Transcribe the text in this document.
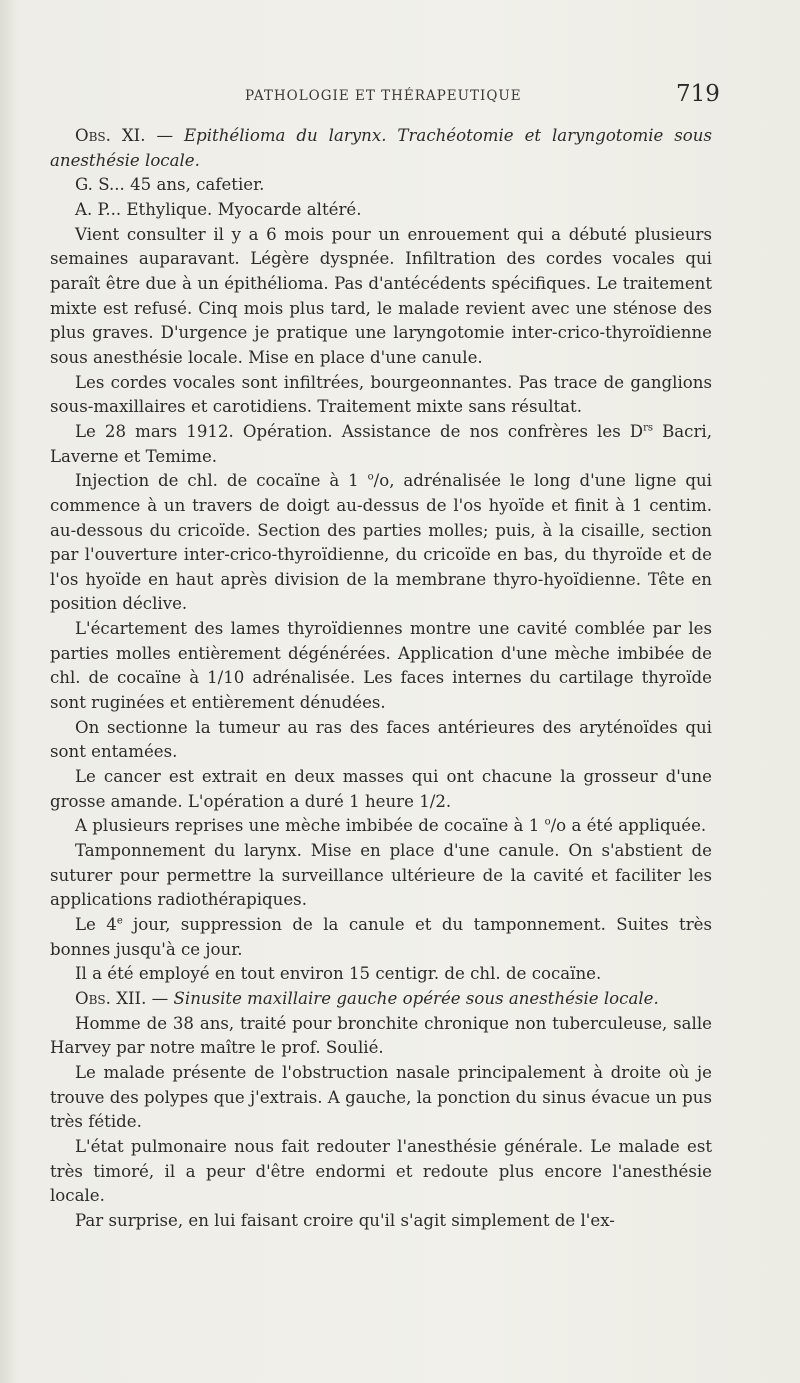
PATHOLOGIE ET THÉRAPEUTIQUE	719

Obs. XI. — Epithélioma du larynx. Trachéotomie et laryngotomie sous anesthésie locale.

G. S... 45 ans, cafetier.

A. P... Ethylique. Myocarde altéré.

Vient consulter il y a 6 mois pour un enrouement qui a débuté plusieurs semaines auparavant. Légère dyspnée. Infiltration des cordes vocales qui paraît être due à un épithélioma. Pas d'antécédents spécifiques. Le traitement mixte est refusé. Cinq mois plus tard, le malade revient avec une sténose des plus graves. D'urgence je pratique une laryngotomie inter-crico-thyroïdienne sous anesthésie locale. Mise en place d'une canule.

Les cordes vocales sont infiltrées, bourgeonnantes. Pas trace de ganglions sous-maxillaires et carotidiens. Traitement mixte sans résultat.

Le 28 mars 1912. Opération. Assistance de nos confrères les $D^{rs}$ Bacri, Laverne et Temime.

Injection de chl. de cocaïne à 1 $^o$/o, adrénalisée le long d'une ligne qui commence à un travers de doigt au-dessus de l'os hyoïde et finit à 1 centim. au-dessous du cricoïde. Section des parties molles; puis, à la cisaille, section par l'ouverture inter-crico-thyroïdienne, du cricoïde en bas, du thyroïde et de l'os hyoïde en haut après division de la membrane thyro-hyoïdienne. Tête en position déclive.

L'écartement des lames thyroïdiennes montre une cavité comblée par les parties molles entièrement dégénérées. Application d'une mèche imbibée de chl. de cocaïne à 1/10 adrénalisée. Les faces internes du cartilage thyroïde sont ruginées et entièrement dénudées.

On sectionne la tumeur au ras des faces antérieures des aryténoïdes qui sont entamées.

Le cancer est extrait en deux masses qui ont chacune la grosseur d'une grosse amande. L'opération a duré 1 heure 1/2.

A plusieurs reprises une mèche imbibée de cocaïne à 1 $^o$/o a été appliquée.

Tamponnement du larynx. Mise en place d'une canule. On s'abstient de suturer pour permettre la surveillance ultérieure de la cavité et faciliter les applications radiothérapiques.

Le 4e jour, suppression de la canule et du tamponnement. Suites très bonnes jusqu'à ce jour.

Il a été employé en tout environ 15 centigr. de chl. de cocaïne.

Obs. XII. — Sinusite maxillaire gauche opérée sous anesthésie locale.

Homme de 38 ans, traité pour bronchite chronique non tuberculeuse, salle Harvey par notre maître le prof. Soulié.

Le malade présente de l'obstruction nasale principalement à droite où je trouve des polypes que j'extrais. A gauche, la ponction du sinus évacue un pus très fétide.

L'état pulmonaire nous fait redouter l'anesthésie générale. Le malade est très timoré, il a peur d'être endormi et redoute plus encore l'anesthésie locale.

Par surprise, en lui faisant croire qu'il s'agit simplement de l'ex-
